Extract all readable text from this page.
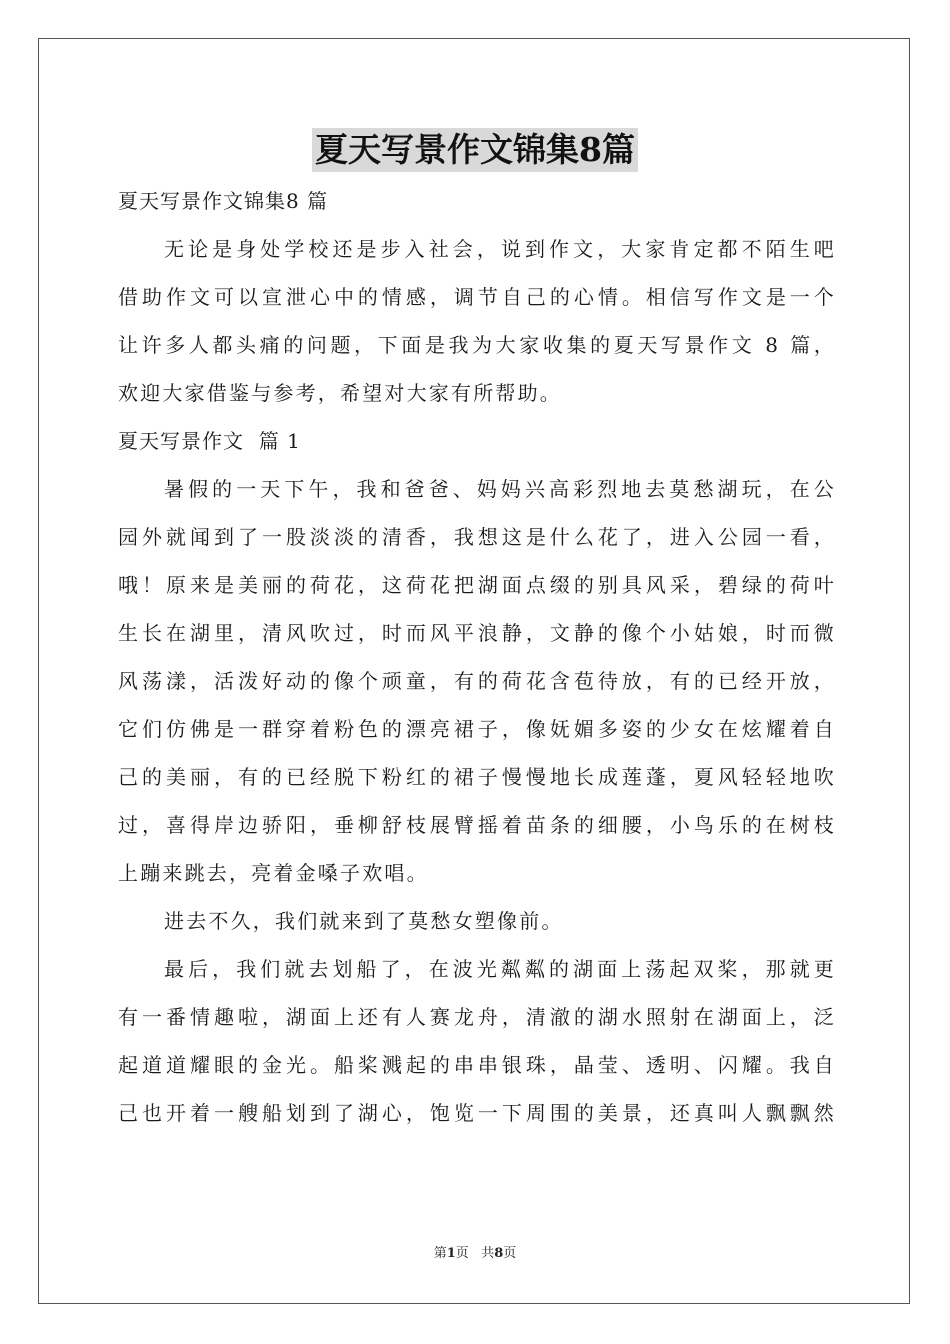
夏天写景作文锦集8篇
夏天写景作文锦集8 篇
无论是身处学校还是步入社会，说到作文，大家肯定都不陌生吧
借助作文可以宣泄心中的情感，调节自己的心情。相信写作文是一个
让许多人都头痛的问题，下面是我为大家收集的夏天写景作文 8 篇，
欢迎大家借鉴与参考，希望对大家有所帮助。
夏天写景作文  篇 1
暑假的一天下午，我和爸爸、妈妈兴高彩烈地去莫愁湖玩，在公
园外就闻到了一股淡淡的清香，我想这是什么花了，进入公园一看，
哦！原来是美丽的荷花，这荷花把湖面点缀的别具风采，碧绿的荷叶
生长在湖里，清风吹过，时而风平浪静，文静的像个小姑娘，时而微
风荡漾，活泼好动的像个顽童，有的荷花含苞待放，有的已经开放，
它们仿佛是一群穿着粉色的漂亮裙子，像妩媚多姿的少女在炫耀着自
己的美丽，有的已经脱下粉红的裙子慢慢地长成莲蓬，夏风轻轻地吹
过，喜得岸边骄阳，垂柳舒枝展臂摇着苗条的细腰，小鸟乐的在树枝
上蹦来跳去，亮着金嗓子欢唱。
进去不久，我们就来到了莫愁女塑像前。
最后，我们就去划船了，在波光粼粼的湖面上荡起双桨，那就更
有一番情趣啦，湖面上还有人赛龙舟，清澈的湖水照射在湖面上，泛
起道道耀眼的金光。船桨溅起的串串银珠，晶莹、透明、闪耀。我自
己也开着一艘船划到了湖心，饱览一下周围的美景，还真叫人飘飘然
第1页 共8页
